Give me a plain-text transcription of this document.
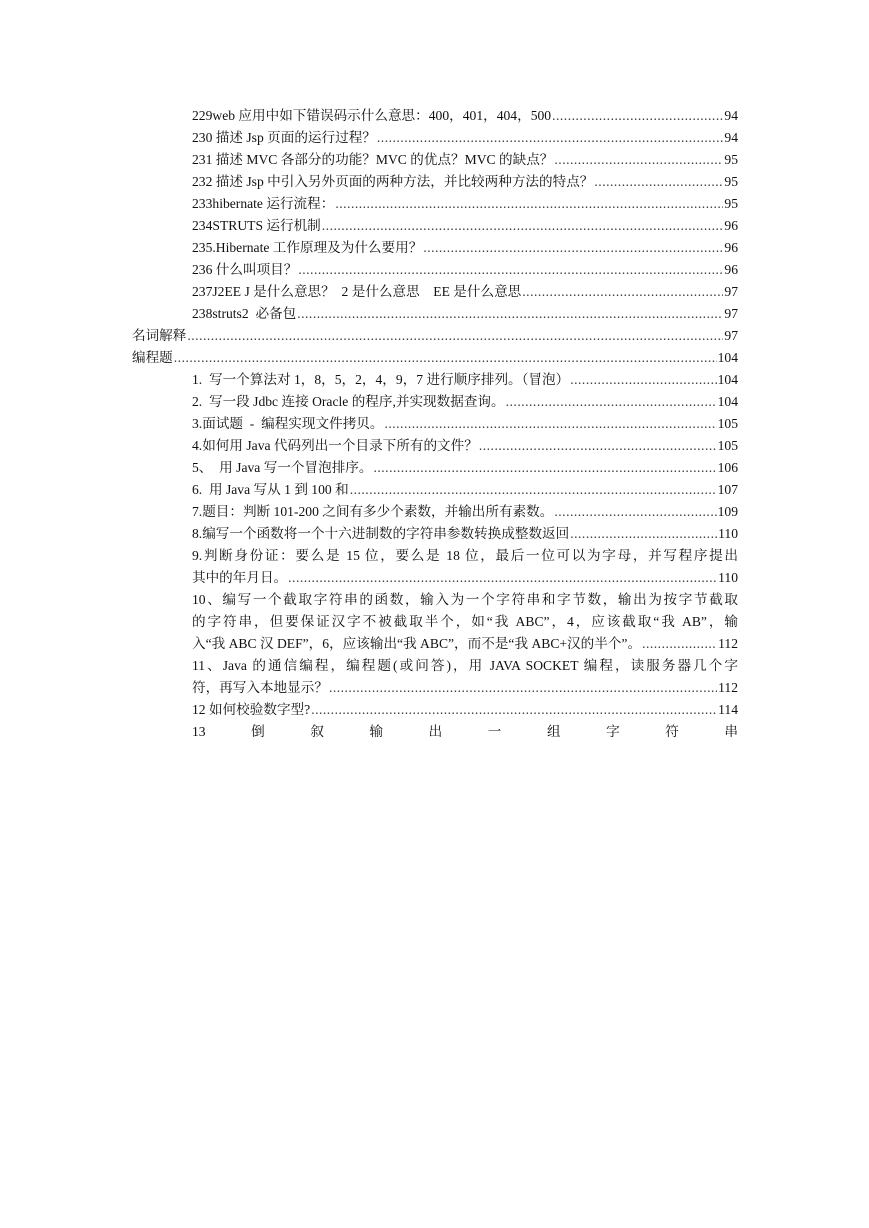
229web 应用中如下错误码示什么意思：400，401，404，500 .....	94
230 描述 Jsp 页面的运行过程？ .....	94
231 描述 MVC 各部分的功能？MVC 的优点？MVC 的缺点？ .....	95
232 描述 Jsp 中引入另外页面的两种方法，并比较两种方法的特点？ .....	95
233hibernate 运行流程： .....	95
234STRUTS 运行机制 .....	96
235.Hibernate 工作原理及为什么要用？ .....	96
236 什么叫项目？ .....	96
237J2EE J 是什么意思？  2 是什么意思    EE 是什么意思 .....	97
238struts2  必备包 .....	97
名词解释 .....	97
编程题 .....	104
1.  写一个算法对 1，8，5，2，4，9，7 进行顺序排列。（冒泡） .....	104
2.  写一段 Jdbc 连接 Oracle 的程序,并实现数据查询。 .....	104
3.面试题  -  编程实现文件拷贝。 .....	105
4.如何用 Java 代码列出一个目录下所有的文件？ .....	105
5、  用 Java 写一个冒泡排序。 .....	106
6.  用 Java 写从 1 到 100 和 .....	107
7.题目：判断 101-200 之间有多少个素数，并输出所有素数。 .....	109
8.编写一个函数将一个十六进制数的字符串参数转换成整数返回 .....	110
9.判断身份证：要么是 15 位，要么是 18 位，最后一位可以为字母，并写程序提出
其中的年月日。 .....	110
10、编写一个截取字符串的函数，输入为一个字符串和字节数，输出为按字节截取
的字符串，但要保证汉字不被截取半个，如“我 ABC”，4，应该截取“我 AB”，输
入“我 ABC 汉 DEF”，6，应该输出“我 ABC”，而不是“我 ABC+汉的半个”。 .....	112
11、Java 的通信编程，编程题(或问答)，用 JAVA SOCKET 编程，读服务器几个字
符，再写入本地显示？ .....	112
12 如何校验数字型? .....	114
13	倒	叙	输	出	一	组	字	符	串
